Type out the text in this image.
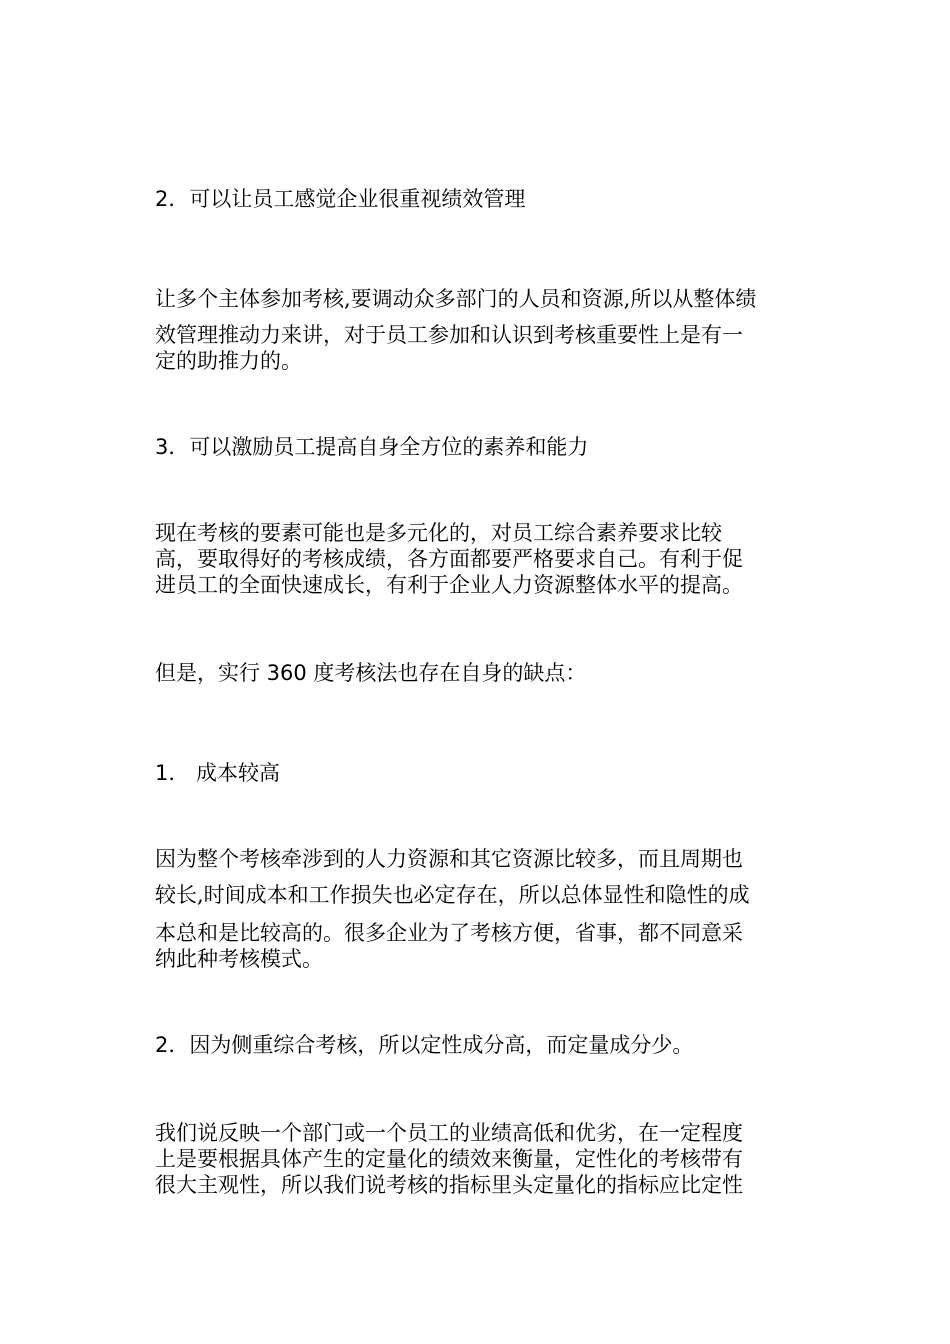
2．可以让员工感觉企业很重视绩效管理

让多个主体参加考核,要调动众多部门的人员和资源,所以从整体绩

效管理推动力来讲，对于员工参加和认识到考核重要性上是有一

定的助推力的。

3．可以激励员工提高自身全方位的素养和能力

现在考核的要素可能也是多元化的，对员工综合素养要求比较

高，要取得好的考核成绩，各方面都要严格要求自己。有利于促

进员工的全面快速成长，有利于企业人力资源整体水平的提高。

但是，实行 360 度考核法也存在自身的缺点：

1． 成本较高

因为整个考核牵涉到的人力资源和其它资源比较多，而且周期也

较长,时间成本和工作损失也必定存在，所以总体显性和隐性的成

本总和是比较高的。很多企业为了考核方便，省事，都不同意采

纳此种考核模式。

2．因为侧重综合考核，所以定性成分高，而定量成分少。

我们说反映一个部门或一个员工的业绩高低和优劣，在一定程度

上是要根据具体产生的定量化的绩效来衡量，定性化的考核带有

很大主观性，所以我们说考核的指标里头定量化的指标应比定性
